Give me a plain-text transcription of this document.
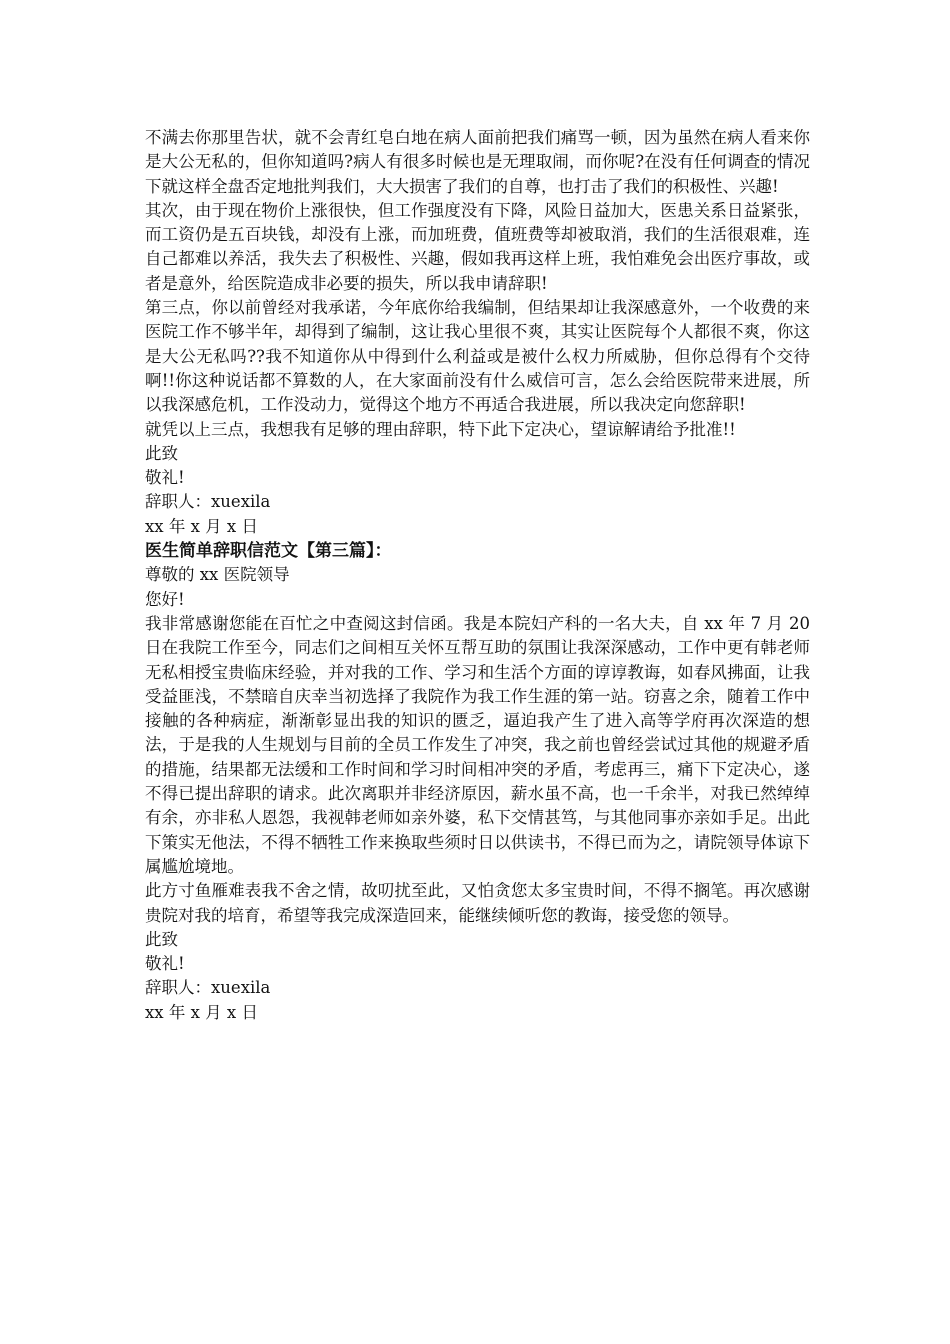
不满去你那里告状，就不会青红皂白地在病人面前把我们痛骂一顿，因为虽然在病人看来你是大公无私的，但你知道吗?病人有很多时候也是无理取闹，而你呢?在没有任何调查的情况下就这样全盘否定地批判我们，大大损害了我们的自尊，也打击了我们的积极性、兴趣!

其次，由于现在物价上涨很快，但工作强度没有下降，风险日益加大，医患关系日益紧张，而工资仍是五百块钱，却没有上涨，而加班费，值班费等却被取消，我们的生活很艰难，连自己都难以养活，我失去了积极性、兴趣，假如我再这样上班，我怕难免会出医疗事故，或者是意外，给医院造成非必要的损失，所以我申请辞职!

第三点，你以前曾经对我承诺，今年底你给我编制，但结果却让我深感意外，一个收费的来医院工作不够半年，却得到了编制，这让我心里很不爽，其实让医院每个人都很不爽，你这是大公无私吗??我不知道你从中得到什么利益或是被什么权力所威胁，但你总得有个交待啊!!你这种说话都不算数的人，在大家面前没有什么威信可言，怎么会给医院带来进展，所以我深感危机，工作没动力，觉得这个地方不再适合我进展，所以我决定向您辞职!

就凭以上三点，我想我有足够的理由辞职，特下此下定决心，望谅解请给予批准!!

此致

敬礼!

辞职人：xuexila

xx 年 x 月 x 日

医生简单辞职信范文【第三篇】：

尊敬的 xx 医院领导

您好!

我非常感谢您能在百忙之中查阅这封信函。我是本院妇产科的一名大夫，自 xx 年 7 月 20 日在我院工作至今，同志们之间相互关怀互帮互助的氛围让我深深感动，工作中更有韩老师无私相授宝贵临床经验，并对我的工作、学习和生活个方面的谆谆教诲，如春风拂面，让我受益匪浅，不禁暗自庆幸当初选择了我院作为我工作生涯的第一站。窃喜之余，随着工作中接触的各种病症，渐渐彰显出我的知识的匮乏，逼迫我产生了进入高等学府再次深造的想法，于是我的人生规划与目前的全员工作发生了冲突，我之前也曾经尝试过其他的规避矛盾的措施，结果都无法缓和工作时间和学习时间相冲突的矛盾，考虑再三，痛下下定决心，遂不得已提出辞职的请求。此次离职并非经济原因，薪水虽不高，也一千余半，对我已然绰绰有余，亦非私人恩怨，我视韩老师如亲外婆，私下交情甚笃，与其他同事亦亲如手足。出此下策实无他法，不得不牺牲工作来换取些须时日以供读书，不得已而为之，请院领导体谅下属尴尬境地。

此方寸鱼雁难表我不舍之情，故叨扰至此，又怕贪您太多宝贵时间，不得不搁笔。再次感谢贵院对我的培育，希望等我完成深造回来，能继续倾听您的教诲，接受您的领导。

此致

敬礼!

辞职人：xuexila

xx 年 x 月 x 日
